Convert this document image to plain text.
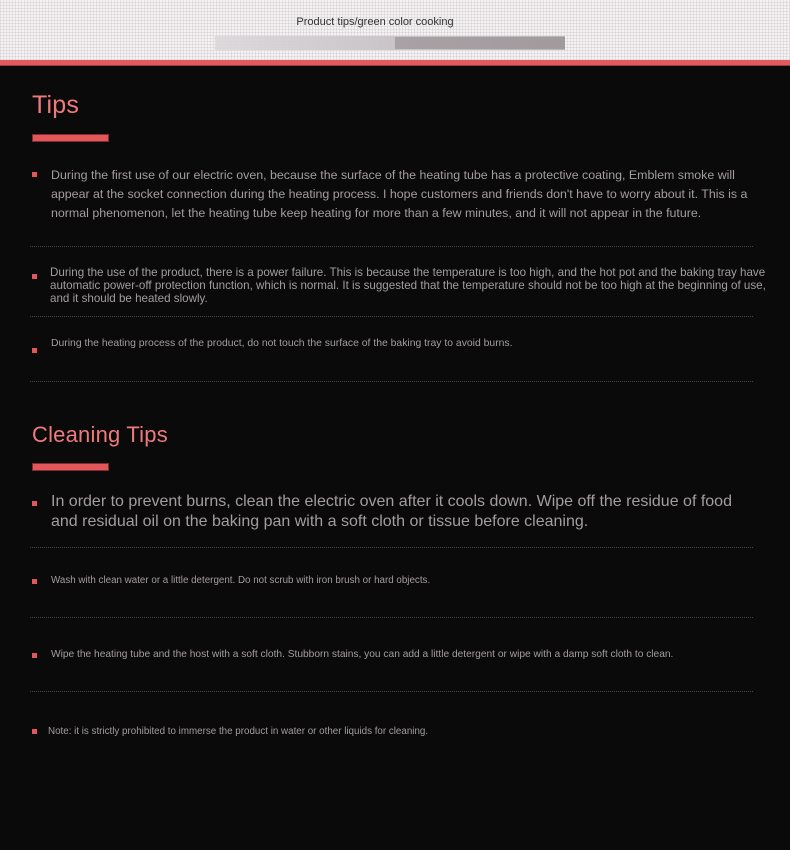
Product tips/green color cooking
Tips
During the first use of our electric oven, because the surface of the heating tube has a protective coating, Emblem smoke will appear at the socket connection during the heating process. I hope customers and friends don't have to worry about it. This is a normal phenomenon, let the heating tube keep heating for more than a few minutes, and it will not appear in the future.
During the use of the product, there is a power failure. This is because the temperature is too high, and the hot pot and the baking tray have automatic power-off protection function, which is normal. It is suggested that the temperature should not be too high at the beginning of use, and it should be heated slowly.
During the heating process of the product, do not touch the surface of the baking tray to avoid burns.
Cleaning Tips
In order to prevent burns, clean the electric oven after it cools down. Wipe off the residue of food and residual oil on the baking pan with a soft cloth or tissue before cleaning.
Wash with clean water or a little detergent. Do not scrub with iron brush or hard objects.
Wipe the heating tube and the host with a soft cloth. Stubborn stains, you can add a little detergent or wipe with a damp soft cloth to clean.
Note: it is strictly prohibited to immerse the product in water or other liquids for cleaning.
